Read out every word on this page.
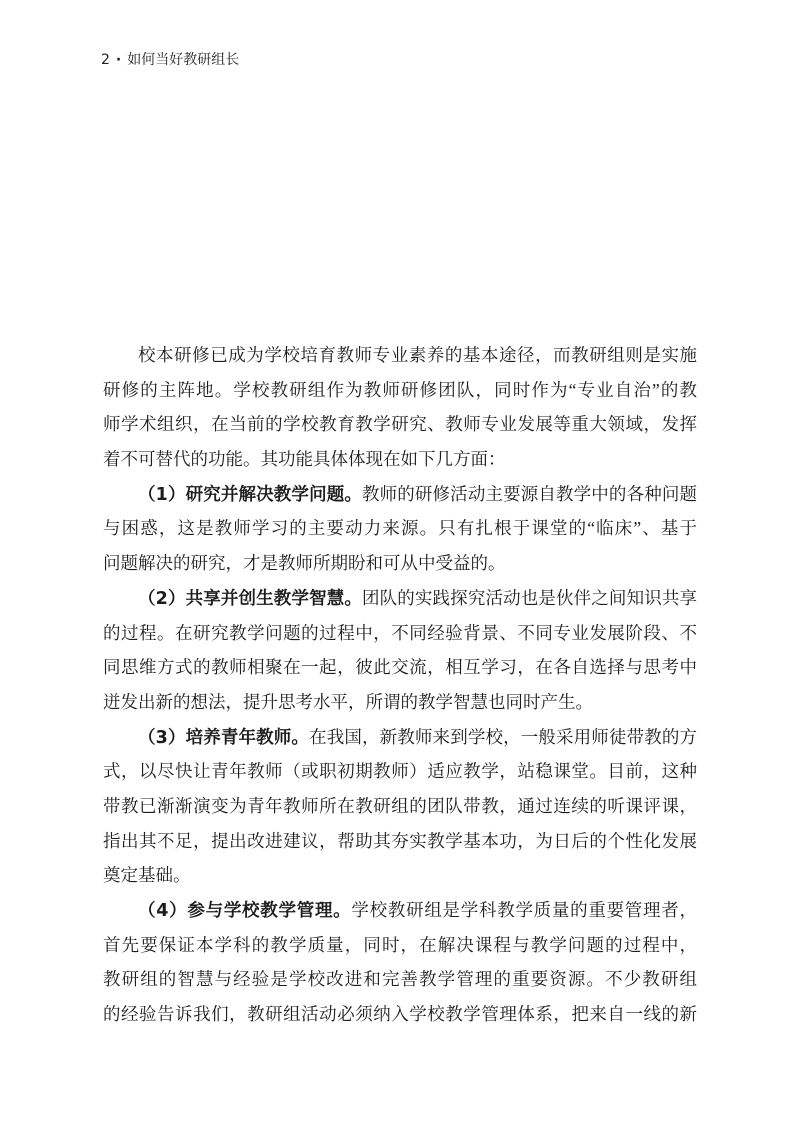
2 · 如何当好教研组长
校本研修已成为学校培育教师专业素养的基本途径，而教研组则是实施
研修的主阵地。学校教研组作为教师研修团队，同时作为“专业自治”的教
师学术组织，在当前的学校教育教学研究、教师专业发展等重大领域，发挥
着不可替代的功能。其功能具体体现在如下几方面：
（1）研究并解决教学问题。教师的研修活动主要源自教学中的各种问题
与困惑，这是教师学习的主要动力来源。只有扎根于课堂的“临床”、基于
问题解决的研究，才是教师所期盼和可从中受益的。
（2）共享并创生教学智慧。团队的实践探究活动也是伙伴之间知识共享
的过程。在研究教学问题的过程中，不同经验背景、不同专业发展阶段、不
同思维方式的教师相聚在一起，彼此交流，相互学习，在各自选择与思考中
迸发出新的想法，提升思考水平，所谓的教学智慧也同时产生。
（3）培养青年教师。在我国，新教师来到学校，一般采用师徒带教的方
式，以尽快让青年教师（或职初期教师）适应教学，站稳课堂。目前，这种
带教已渐渐演变为青年教师所在教研组的团队带教，通过连续的听课评课，
指出其不足，提出改进建议，帮助其夯实教学基本功，为日后的个性化发展
奠定基础。
（4）参与学校教学管理。学校教研组是学科教学质量的重要管理者，
首先要保证本学科的教学质量，同时，在解决课程与教学问题的过程中，
教研组的智慧与经验是学校改进和完善教学管理的重要资源。不少教研组
的经验告诉我们，教研组活动必须纳入学校教学管理体系，把来自一线的新
